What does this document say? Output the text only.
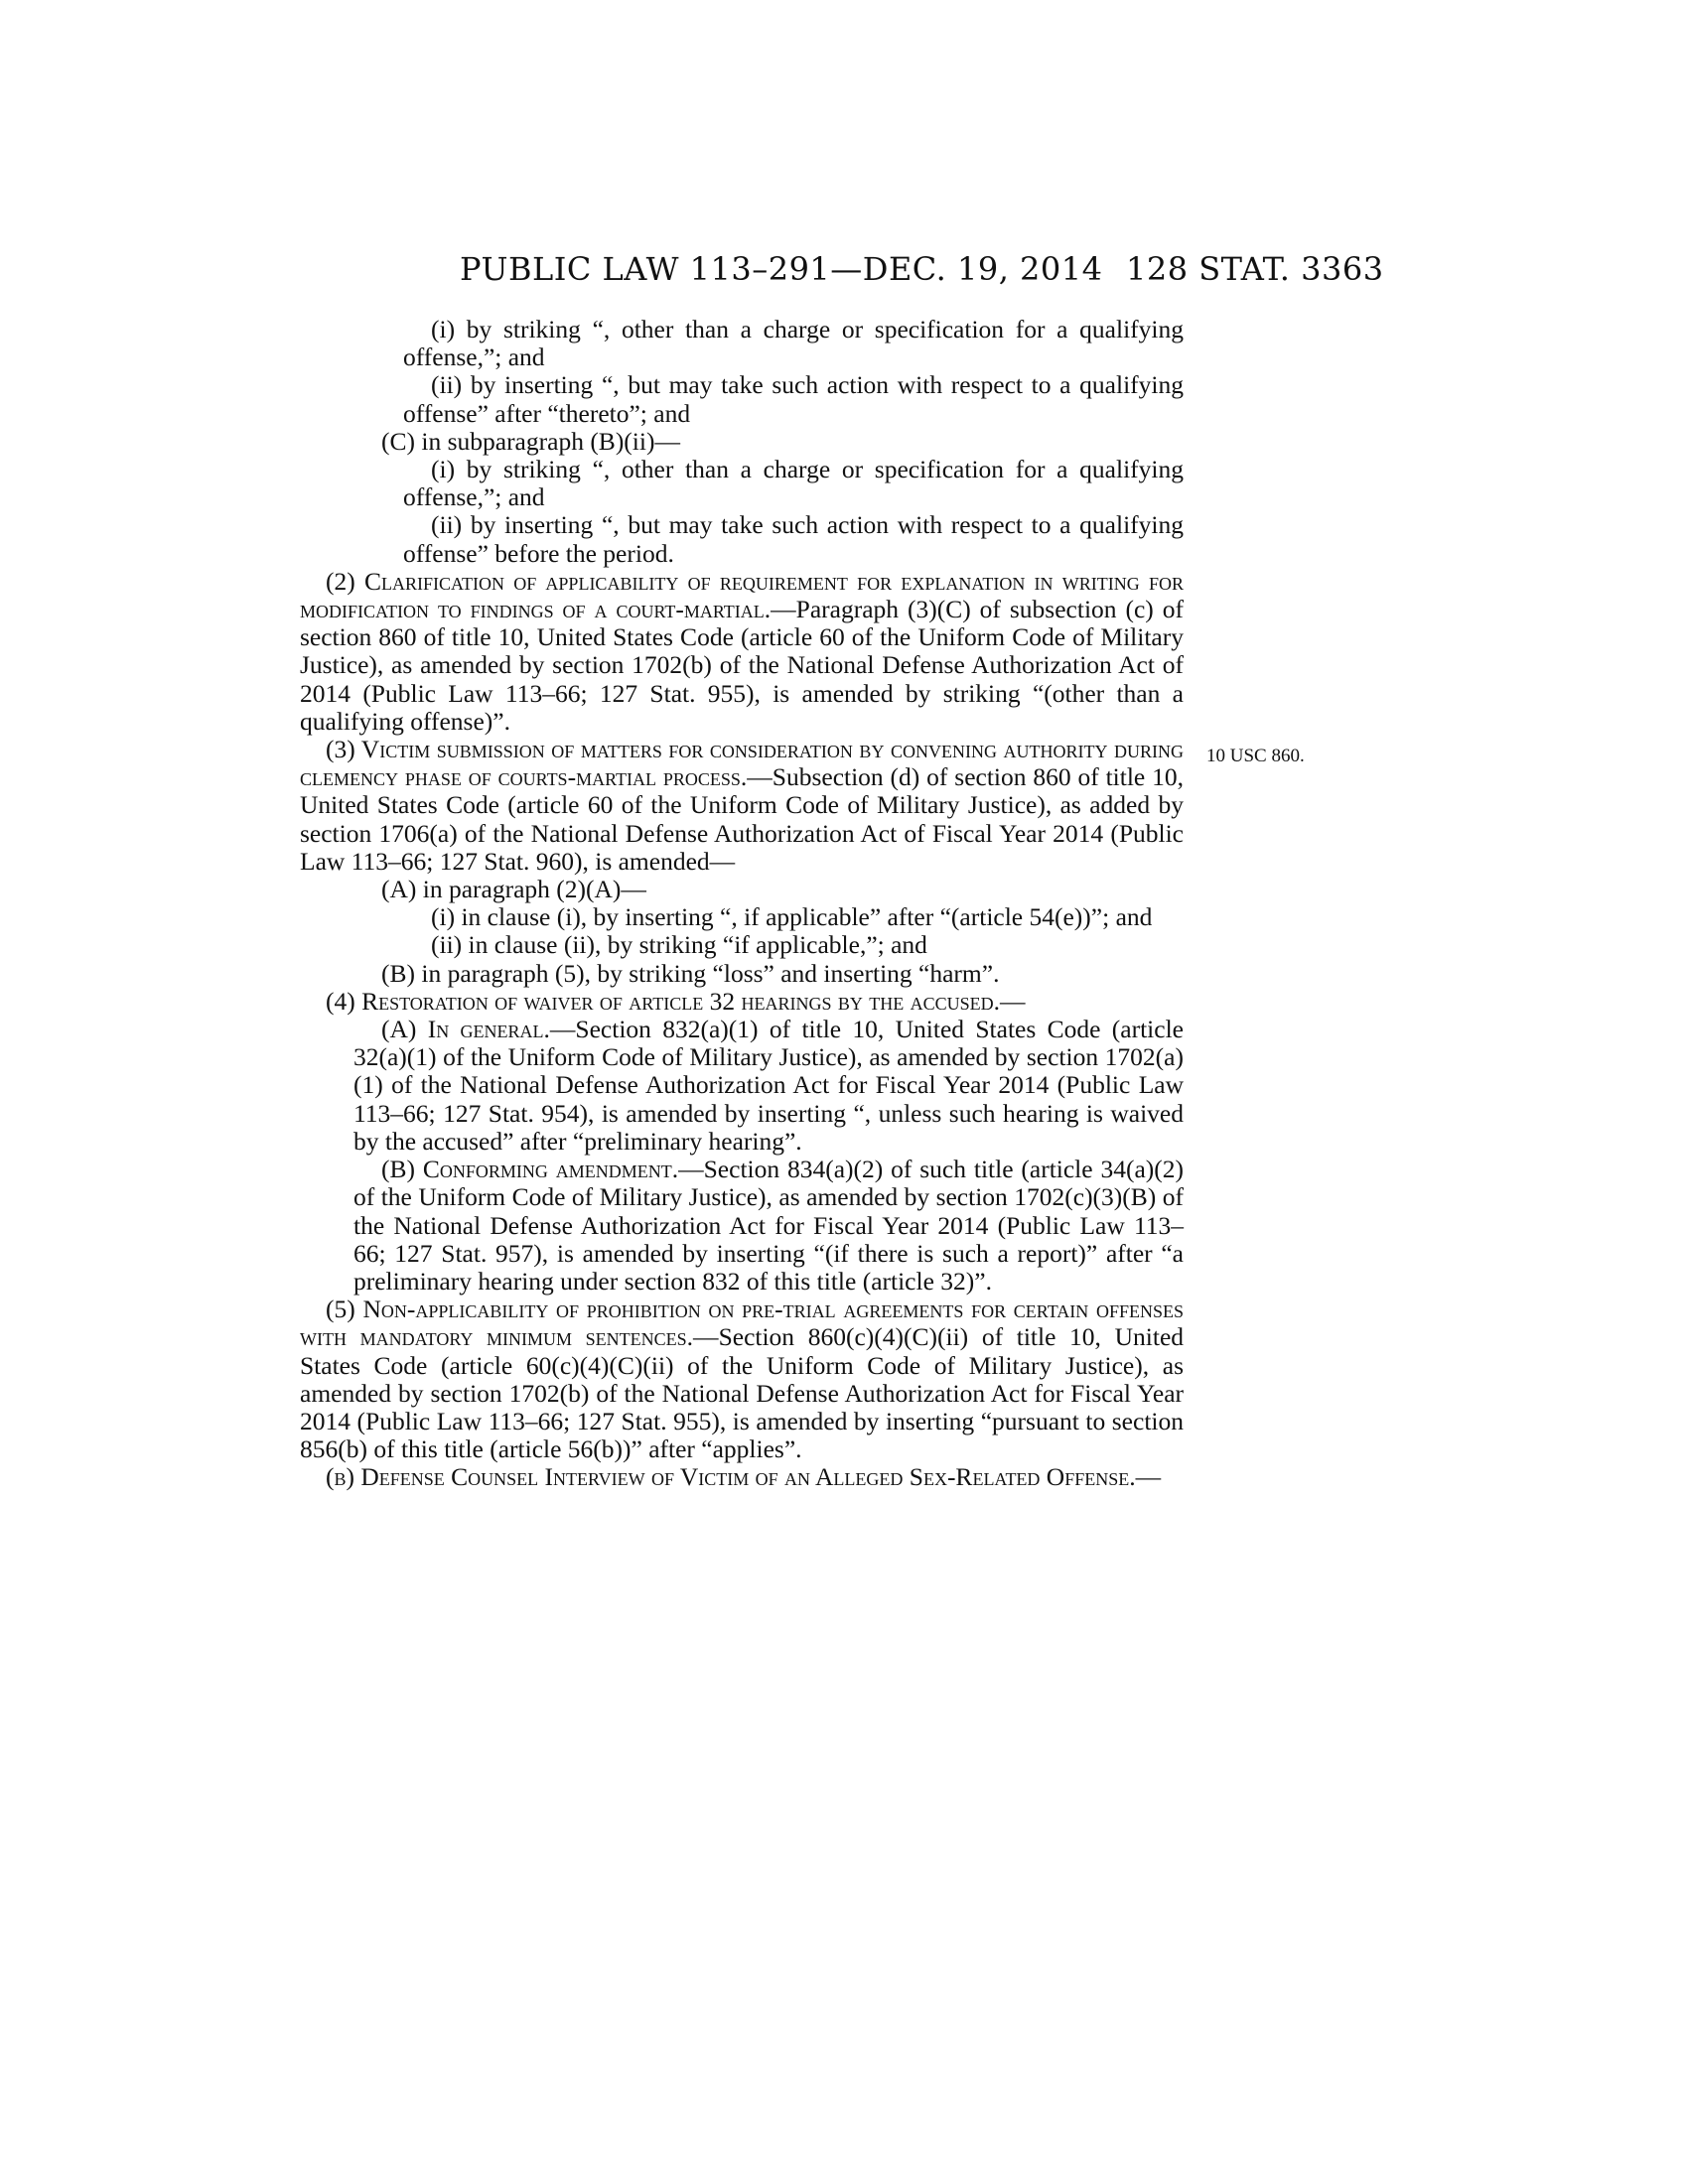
PUBLIC LAW 113–291—DEC. 19, 2014 128 STAT. 3363
10 USC 860.

(i) by striking “, other than a charge or specification for a qualifying offense,”; and

(ii) by inserting “, but may take such action with respect to a qualifying offense” after “thereto”; and

(C) in subparagraph (B)(ii)—

(i) by striking “, other than a charge or specification for a qualifying offense,”; and

(ii) by inserting “, but may take such action with respect to a qualifying offense” before the period.

(2) Clarification of applicability of requirement for explanation in writing for modification to findings of a court-martial.—Paragraph (3)(C) of subsection (c) of section 860 of title 10, United States Code (article 60 of the Uniform Code of Military Justice), as amended by section 1702(b) of the National Defense Authorization Act of 2014 (Public Law 113–66; 127 Stat. 955), is amended by striking “(other than a qualifying offense)”.

(3) Victim submission of matters for consideration by convening authority during clemency phase of courts-martial process.—Subsection (d) of section 860 of title 10, United States Code (article 60 of the Uniform Code of Military Justice), as added by section 1706(a) of the National Defense Authorization Act of Fiscal Year 2014 (Public Law 113–66; 127 Stat. 960), is amended—

(A) in paragraph (2)(A)—

(i) in clause (i), by inserting “, if applicable” after “(article 54(e))”; and

(ii) in clause (ii), by striking “if applicable,”; and

(B) in paragraph (5), by striking “loss” and inserting “harm”.

(4) Restoration of waiver of article 32 hearings by the accused.—

(A) In general.—Section 832(a)(1) of title 10, United States Code (article 32(a)(1) of the Uniform Code of Military Justice), as amended by section 1702(a)(1) of the National Defense Authorization Act for Fiscal Year 2014 (Public Law 113–66; 127 Stat. 954), is amended by inserting “, unless such hearing is waived by the accused” after “preliminary hearing”.

(B) Conforming amendment.—Section 834(a)(2) of such title (article 34(a)(2) of the Uniform Code of Military Justice), as amended by section 1702(c)(3)(B) of the National Defense Authorization Act for Fiscal Year 2014 (Public Law 113–66; 127 Stat. 957), is amended by inserting “(if there is such a report)” after “a preliminary hearing under section 832 of this title (article 32)”.

(5) Non-applicability of prohibition on pre-trial agreements for certain offenses with mandatory minimum sentences.—Section 860(c)(4)(C)(ii) of title 10, United States Code (article 60(c)(4)(C)(ii) of the Uniform Code of Military Justice), as amended by section 1702(b) of the National Defense Authorization Act for Fiscal Year 2014 (Public Law 113–66; 127 Stat. 955), is amended by inserting “pursuant to section 856(b) of this title (article 56(b))” after “applies”.

(b) Defense Counsel Interview of Victim of an Alleged Sex-Related Offense.—
